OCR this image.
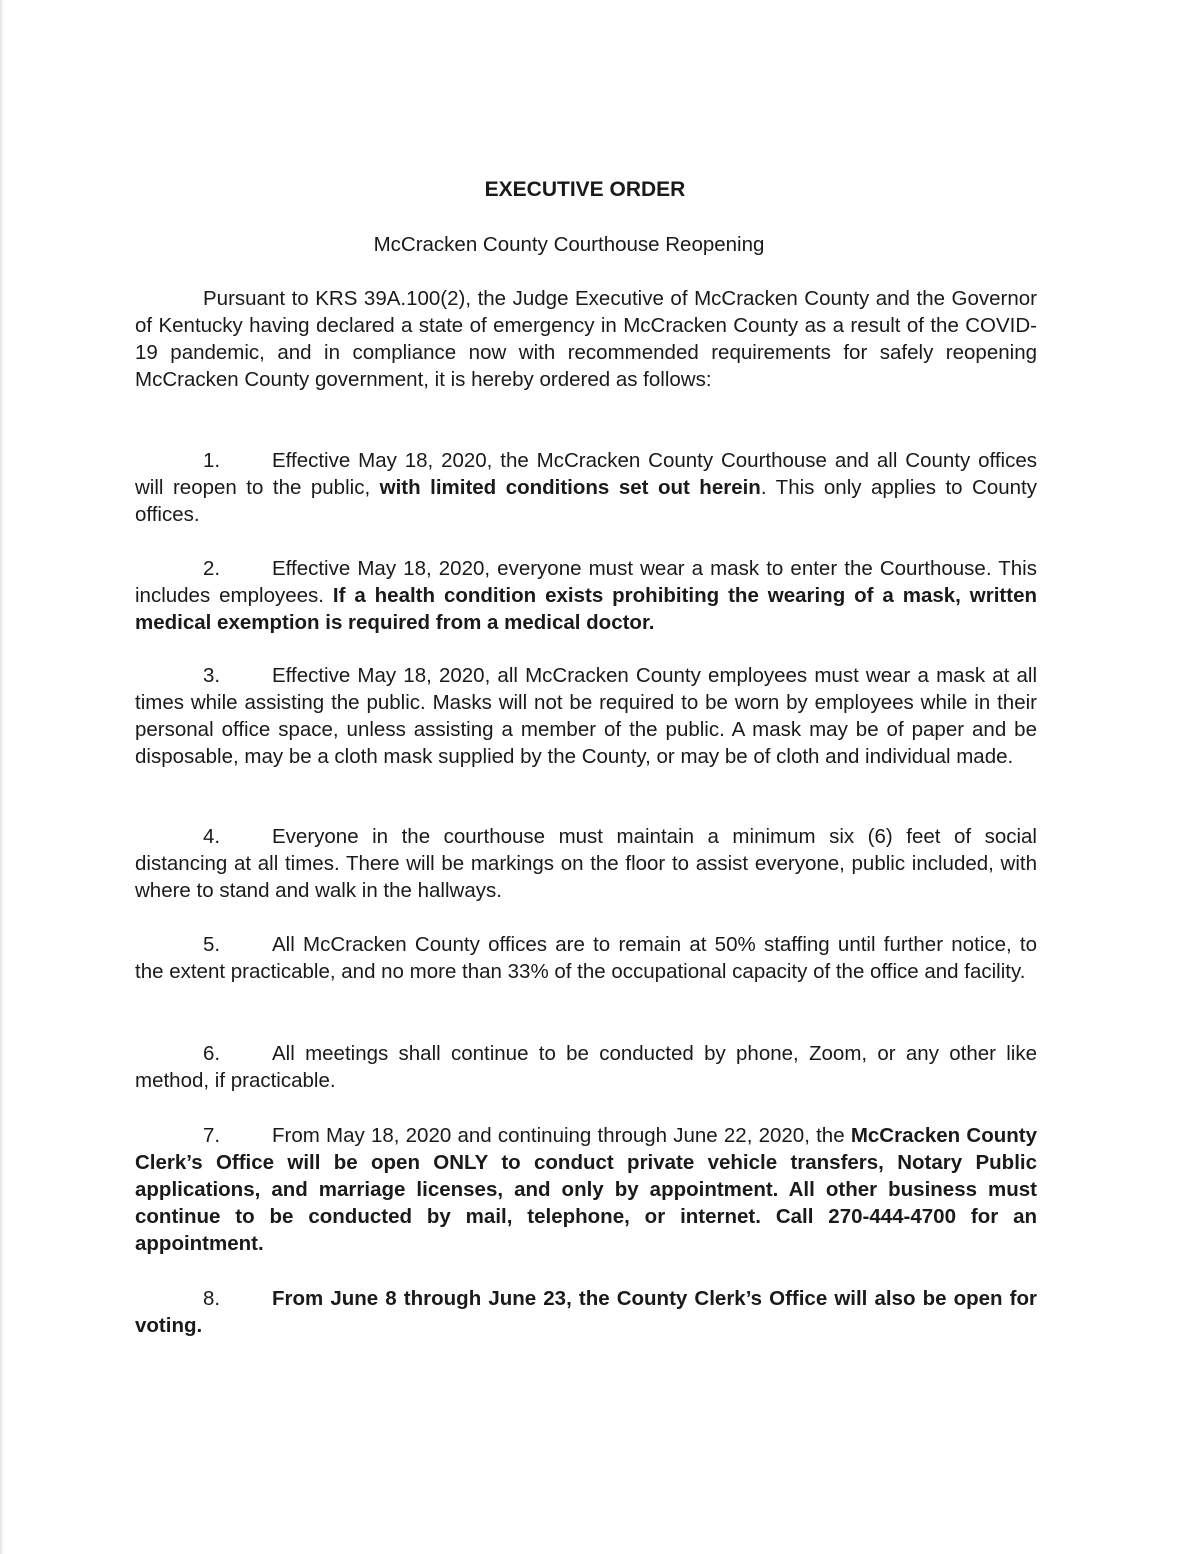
EXECUTIVE ORDER
McCracken County Courthouse Reopening
Pursuant to KRS 39A.100(2), the Judge Executive of McCracken County and the Governor of Kentucky having declared a state of emergency in McCracken County as a result of the COVID-19 pandemic, and in compliance now with recommended requirements for safely reopening McCracken County government, it is hereby ordered as follows:
1.	Effective May 18, 2020, the McCracken County Courthouse and all County offices will reopen to the public, with limited conditions set out herein. This only applies to County offices.
2.	Effective May 18, 2020, everyone must wear a mask to enter the Courthouse. This includes employees. If a health condition exists prohibiting the wearing of a mask, written medical exemption is required from a medical doctor.
3.	Effective May 18, 2020, all McCracken County employees must wear a mask at all times while assisting the public. Masks will not be required to be worn by employees while in their personal office space, unless assisting a member of the public. A mask may be of paper and be disposable, may be a cloth mask supplied by the County, or may be of cloth and individual made.
4.	Everyone in the courthouse must maintain a minimum six (6) feet of social distancing at all times. There will be markings on the floor to assist everyone, public included, with where to stand and walk in the hallways.
5.	All McCracken County offices are to remain at 50% staffing until further notice, to the extent practicable, and no more than 33% of the occupational capacity of the office and facility.
6.	All meetings shall continue to be conducted by phone, Zoom, or any other like method, if practicable.
7.	From May 18, 2020 and continuing through June 22, 2020, the McCracken County Clerk’s Office will be open ONLY to conduct private vehicle transfers, Notary Public applications, and marriage licenses, and only by appointment. All other business must continue to be conducted by mail, telephone, or internet. Call 270-444-4700 for an appointment.
8.	From June 8 through June 23, the County Clerk’s Office will also be open for voting.
